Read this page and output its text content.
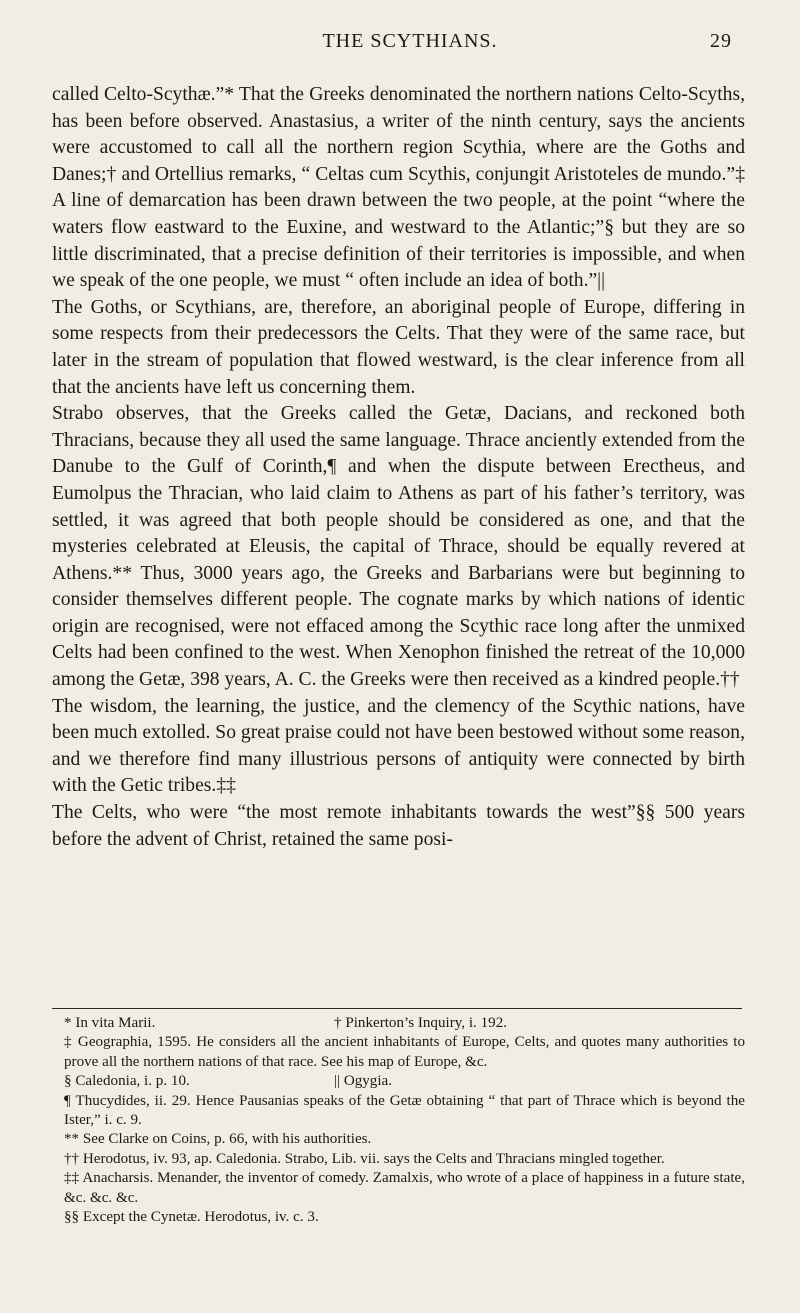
THE SCYTHIANS.	29

called Celto-Scythæ.”* That the Greeks denominated the northern nations Celto-Scyths, has been before observed. Anastasius, a writer of the ninth century, says the ancients were accustomed to call all the northern region Scythia, where are the Goths and Danes;† and Ortellius remarks, “ Celtas cum Scythis, conjungit Aristoteles de mundo.”‡ A line of demarcation has been drawn between the two people, at the point “where the waters flow eastward to the Euxine, and westward to the Atlantic;”§ but they are so little discriminated, that a precise definition of their territories is impossible, and when we speak of the one people, we must “ often include an idea of both.”||

The Goths, or Scythians, are, therefore, an aboriginal people of Europe, differing in some respects from their predecessors the Celts. That they were of the same race, but later in the stream of population that flowed westward, is the clear inference from all that the ancients have left us concerning them.

Strabo observes, that the Greeks called the Getæ, Dacians, and reckoned both Thracians, because they all used the same language. Thrace anciently extended from the Danube to the Gulf of Corinth,¶ and when the dispute between Erectheus, and Eumolpus the Thracian, who laid claim to Athens as part of his father’s territory, was settled, it was agreed that both people should be considered as one, and that the mysteries celebrated at Eleusis, the capital of Thrace, should be equally revered at Athens.** Thus, 3000 years ago, the Greeks and Barbarians were but beginning to consider themselves different people. The cognate marks by which nations of identic origin are recognised, were not effaced among the Scythic race long after the unmixed Celts had been confined to the west. When Xenophon finished the retreat of the 10,000 among the Getæ, 398 years, A. C. the Greeks were then received as a kindred people.††

The wisdom, the learning, the justice, and the clemency of the Scythic nations, have been much extolled. So great praise could not have been bestowed without some reason, and we therefore find many illustrious persons of antiquity were connected by birth with the Getic tribes.‡‡

The Celts, who were “the most remote inhabitants towards the west”§§ 500 years before the advent of Christ, retained the same posi-

* In vita Marii.	† Pinkerton’s Inquiry, i. 192.
‡ Geographia, 1595. He considers all the ancient inhabitants of Europe, Celts, and quotes many authorities to prove all the northern nations of that race. See his map of Europe, &c.
§ Caledonia, i. p. 10.	|| Ogygia.
¶ Thucydides, ii. 29. Hence Pausanias speaks of the Getæ obtaining “ that part of Thrace which is beyond the Ister,” i. c. 9.
** See Clarke on Coins, p. 66, with his authorities.
†† Herodotus, iv. 93, ap. Caledonia. Strabo, Lib. vii. says the Celts and Thracians mingled together.
‡‡ Anacharsis. Menander, the inventor of comedy. Zamalxis, who wrote of a place of happiness in a future state, &c. &c. &c.
§§ Except the Cynetæ. Herodotus, iv. c. 3.
